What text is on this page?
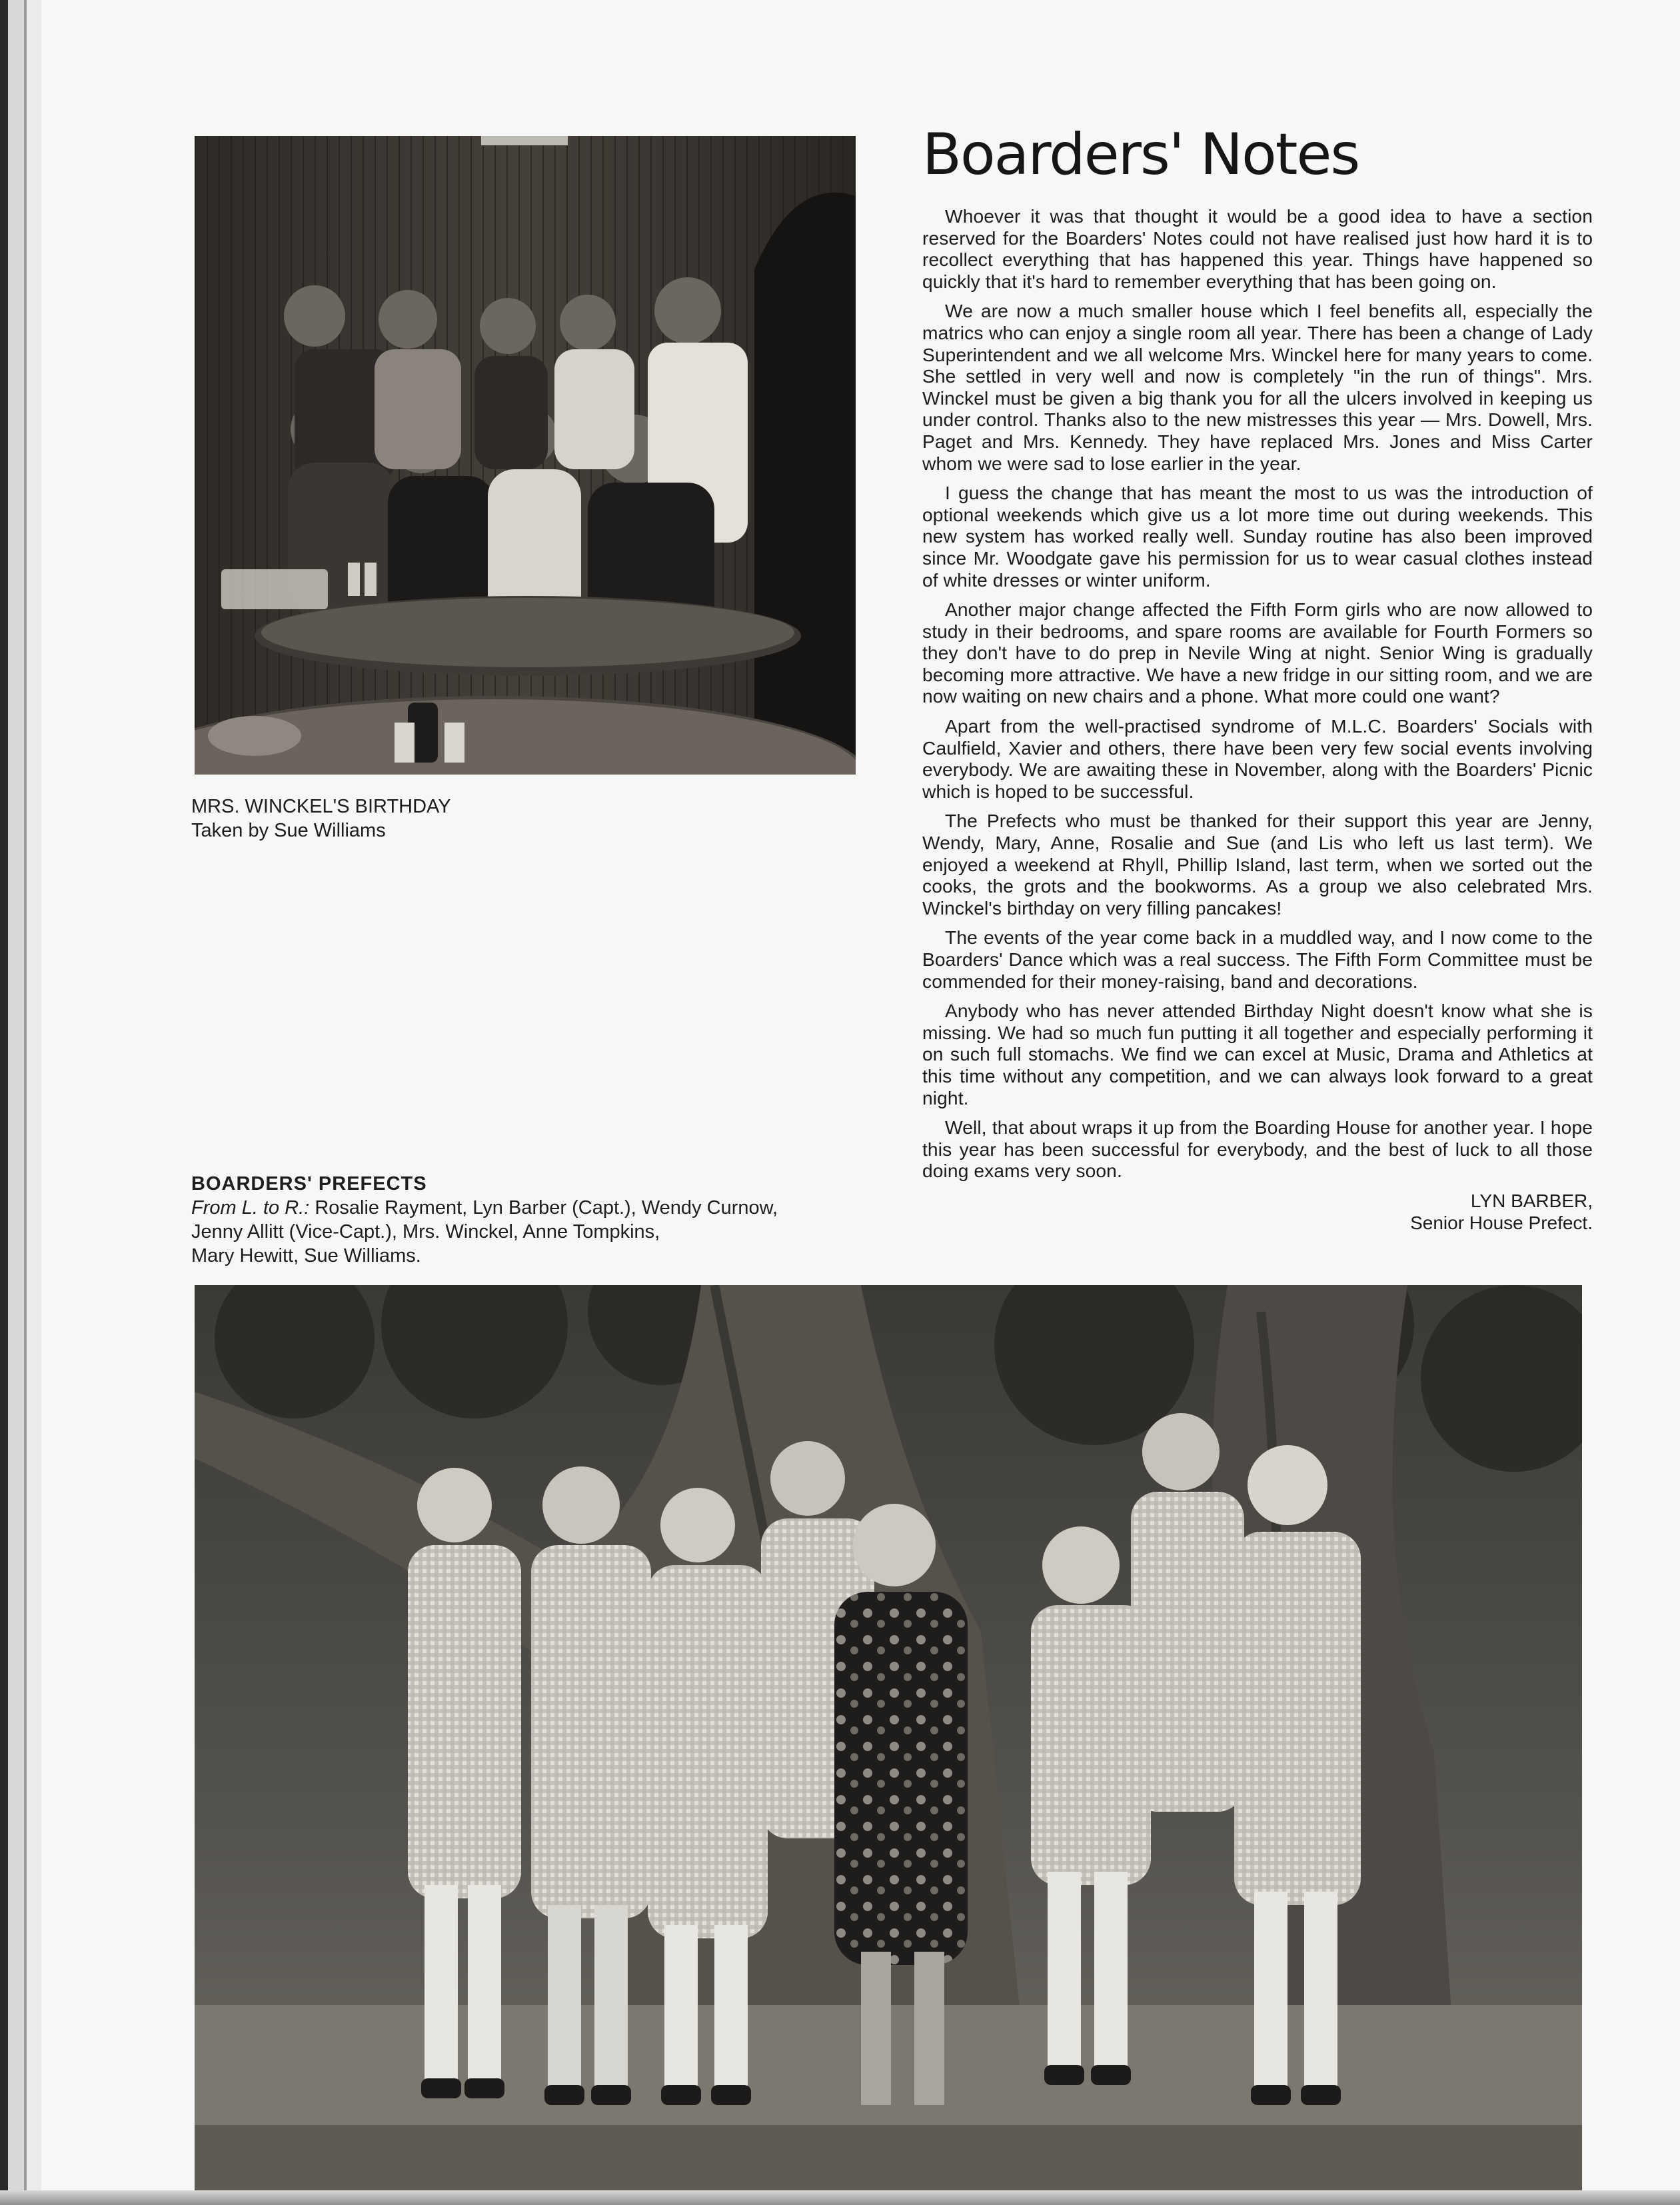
MRS. WINCKEL'S BIRTHDAY
Taken by Sue Williams
Boarders' Notes

Whoever it was that thought it would be a good idea to have a section reserved for the Boarders' Notes could not have realised just how hard it is to recollect everything that has happened this year. Things have happened so quickly that it's hard to remember everything that has been going on.

We are now a much smaller house which I feel benefits all, especially the matrics who can enjoy a single room all year. There has been a change of Lady Superintendent and we all welcome Mrs. Winckel here for many years to come. She settled in very well and now is completely "in the run of things". Mrs. Winckel must be given a big thank you for all the ulcers involved in keeping us under control. Thanks also to the new mistresses this year — Mrs. Dowell, Mrs. Paget and Mrs. Kennedy. They have replaced Mrs. Jones and Miss Carter whom we were sad to lose earlier in the year.

I guess the change that has meant the most to us was the introduction of optional weekends which give us a lot more time out during weekends. This new system has worked really well. Sunday routine has also been improved since Mr. Woodgate gave his permission for us to wear casual clothes instead of white dresses or winter uniform.

Another major change affected the Fifth Form girls who are now allowed to study in their bedrooms, and spare rooms are available for Fourth Formers so they don't have to do prep in Nevile Wing at night. Senior Wing is gradually becoming more attractive. We have a new fridge in our sitting room, and we are now waiting on new chairs and a phone. What more could one want?

Apart from the well-practised syndrome of M.L.C. Boarders' Socials with Caulfield, Xavier and others, there have been very few social events involving everybody. We are awaiting these in November, along with the Boarders' Picnic which is hoped to be successful.

The Prefects who must be thanked for their support this year are Jenny, Wendy, Mary, Anne, Rosalie and Sue (and Lis who left us last term). We enjoyed a weekend at Rhyll, Phillip Island, last term, when we sorted out the cooks, the grots and the bookworms. As a group we also celebrated Mrs. Winckel's birthday on very filling pancakes!

The events of the year come back in a muddled way, and I now come to the Boarders' Dance which was a real success. The Fifth Form Committee must be commended for their money-raising, band and decorations.

Anybody who has never attended Birthday Night doesn't know what she is missing. We had so much fun putting it all together and especially performing it on such full stomachs. We find we can excel at Music, Drama and Athletics at this time without any competition, and we can always look forward to a great night.

Well, that about wraps it up from the Boarding House for another year. I hope this year has been successful for everybody, and the best of luck to all those doing exams very soon.

LYN BARBER,
Senior House Prefect.
BOARDERS' PREFECTS
From L. to R.: Rosalie Rayment, Lyn Barber (Capt.), Wendy Curnow,
Jenny Allitt (Vice-Capt.), Mrs. Winckel, Anne Tompkins,
Mary Hewitt, Sue Williams.
